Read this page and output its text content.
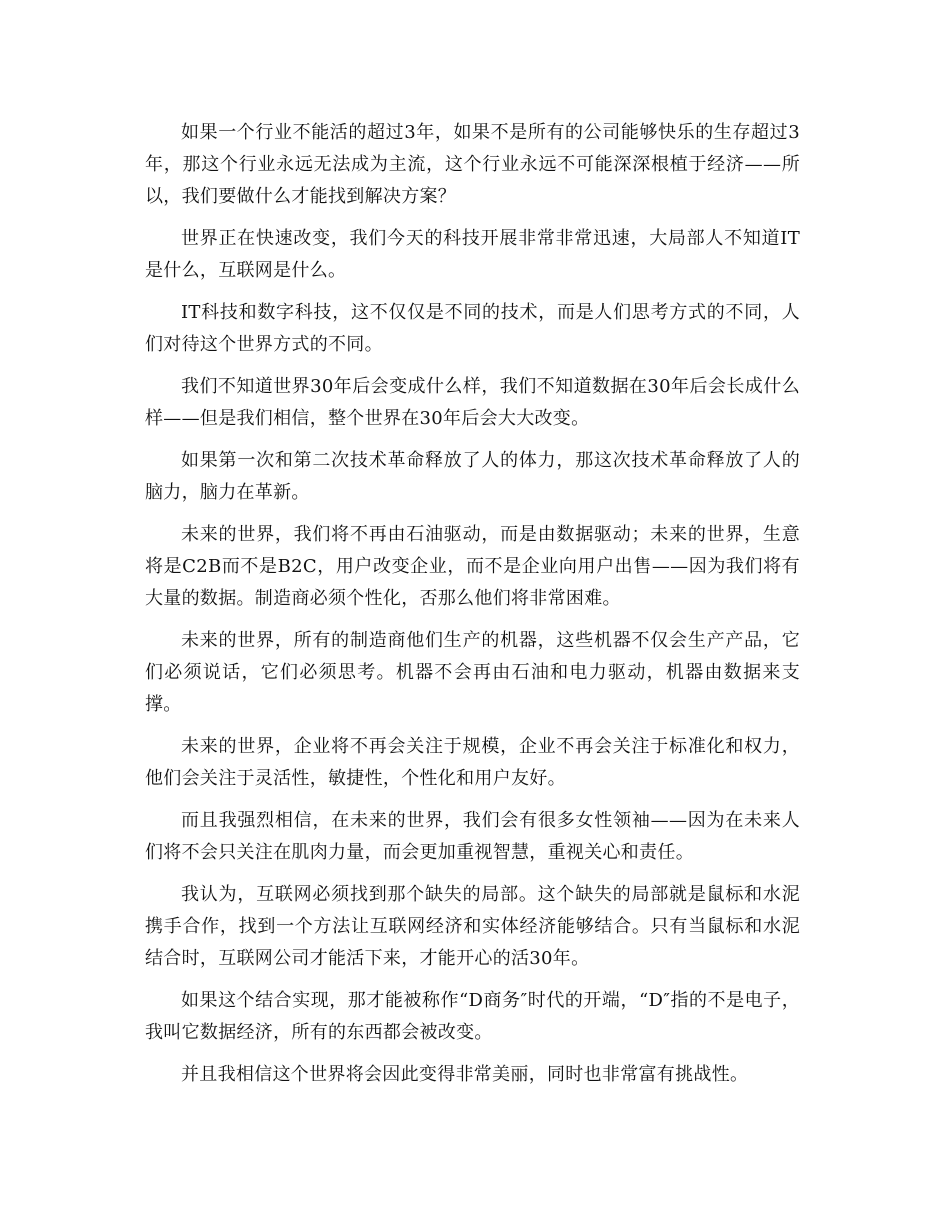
如果一个行业不能活的超过3年，如果不是所有的公司能够快乐的生存超过3年，那这个行业永远无法成为主流，这个行业永远不可能深深根植于经济——所以，我们要做什么才能找到解决方案？

世界正在快速改变，我们今天的科技开展非常非常迅速，大局部人不知道IT是什么，互联网是什么。

IT科技和数字科技，这不仅仅是不同的技术，而是人们思考方式的不同，人们对待这个世界方式的不同。

我们不知道世界30年后会变成什么样，我们不知道数据在30年后会长成什么样——但是我们相信，整个世界在30年后会大大改变。

如果第一次和第二次技术革命释放了人的体力，那这次技术革命释放了人的脑力，脑力在革新。

未来的世界，我们将不再由石油驱动，而是由数据驱动；未来的世界，生意将是C2B而不是B2C，用户改变企业，而不是企业向用户出售——因为我们将有大量的数据。制造商必须个性化，否那么他们将非常困难。

未来的世界，所有的制造商他们生产的机器，这些机器不仅会生产产品，它们必须说话，它们必须思考。机器不会再由石油和电力驱动，机器由数据来支撑。

未来的世界，企业将不再会关注于规模，企业不再会关注于标准化和权力，他们会关注于灵活性，敏捷性，个性化和用户友好。

而且我强烈相信，在未来的世界，我们会有很多女性领袖——因为在未来人们将不会只关注在肌肉力量，而会更加重视智慧，重视关心和责任。

我认为，互联网必须找到那个缺失的局部。这个缺失的局部就是鼠标和水泥携手合作，找到一个方法让互联网经济和实体经济能够结合。只有当鼠标和水泥结合时，互联网公司才能活下来，才能开心的活30年。

如果这个结合实现，那才能被称作“D商务″时代的开端，“D″指的不是电子，我叫它数据经济，所有的东西都会被改变。

并且我相信这个世界将会因此变得非常美丽，同时也非常富有挑战性。
